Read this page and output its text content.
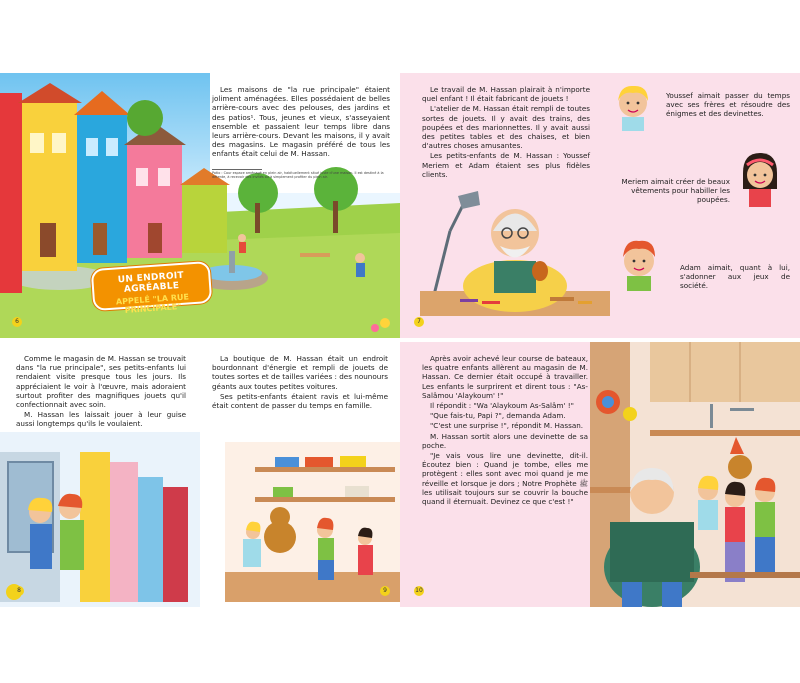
UN ENDROIT AGRÉABLE
APPELÉ "LA RUE PRINCIPALE"

Les maisons de "la rue principale" étaient joliment aménagées. Elles possédaient de belles arrière-cours avec des pelouses, des jardins et des patios¹. Tous, jeunes et vieux, s'asseyaient ensemble et passaient leur temps libre dans leurs arrière-cours. Devant les maisons, il y avait des magasins. Le magasin préféré de tous les enfants était celui de M. Hassan.

Patio : Cour espace aménagé en plein air, habituellement situé juste d'une maison. Il est destiné à la détente, à recevoir des invités ou à simplement profiter du plein air.
6

Le travail de M. Hassan plairait à n'importe quel enfant ! Il était fabricant de jouets !

L'atelier de M. Hassan était rempli de toutes sortes de jouets. Il y avait des trains, des poupées et des marionnettes. Il y avait aussi des petites tables et des chaises, et bien d'autres choses amusantes.

Les petits-enfants de M. Hassan : Youssef Meriem et Adam étaient ses plus fidèles clients.

Youssef aimait passer du temps avec ses frères et résoudre des énigmes et des devinettes.
Meriem aimait créer de beaux vêtements pour habiller les poupées.
Adam aimait, quant à lui, s'adonner aux jeux de société.
7

Comme le magasin de M. Hassan se trouvait dans "la rue principale", ses petits-enfants lui rendaient visite presque tous les jours. Ils appréciaient le voir à l'œuvre, mais adoraient surtout profiter des magnifiques jouets qu'il confectionnait avec soin.

M. Hassan les laissait jouer à leur guise aussi longtemps qu'ils le voulaient.

La boutique de M. Hassan était un endroit bourdonnant d'énergie et rempli de jouets de toutes sortes et de tailles variées : des nounours géants aux toutes petites voitures.

Ses petits-enfants étaient ravis et lui-même était content de passer du temps en famille.

8	9

Après avoir achevé leur course de bateaux, les quatre enfants allèrent au magasin de M. Hassan. Ce dernier était occupé à travailler. Les enfants le surprirent et dirent tous : "As-Salâmou 'Alaykoum' !"

Il répondit : "Wa 'Alaykoum As-Salâm' !"

"Que fais-tu, Papi ?", demanda Adam.

"C'est une surprise !", répondit M. Hassan.

M. Hassan sortit alors une devinette de sa poche.

"Je vais vous lire une devinette, dit-il. Écoutez bien : Quand je tombe, elles me protègent : elles sont avec moi quand je me réveille et lorsque je dors ; Notre Prophète ﷺ les utilisait toujours sur se couvrir la bouche quand il éternuait. Devinez ce que c'est !"

10
